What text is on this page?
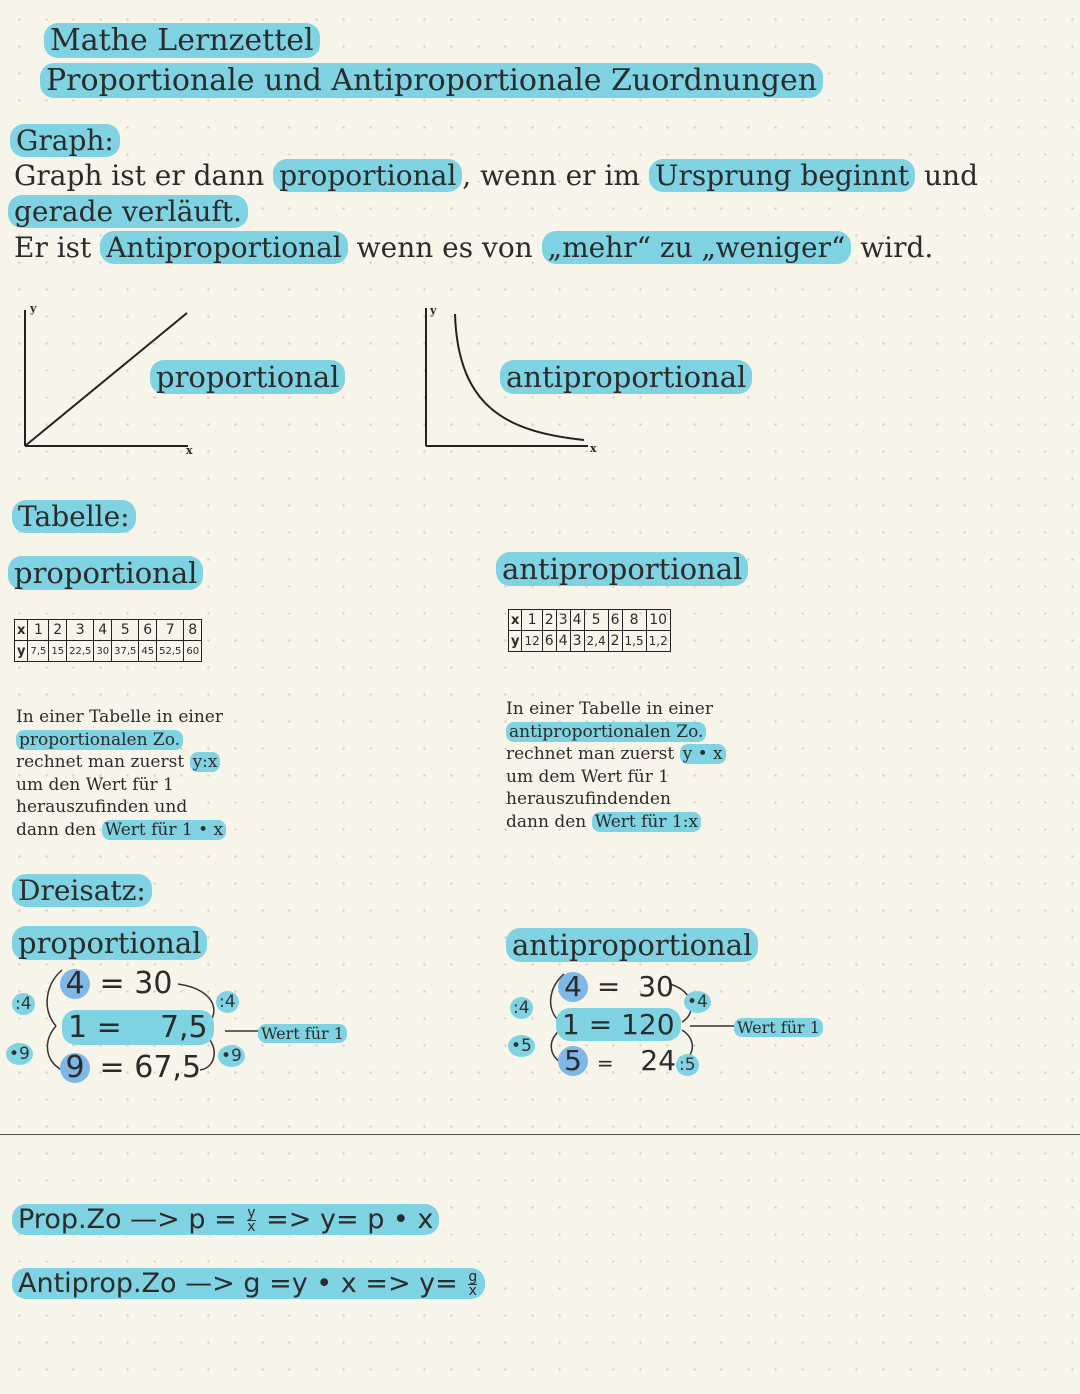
Mathe Lernzettel
Proportionale und Antiproportionale Zuordnungen
Graph:
Graph ist er dann proportional , wenn er im Ursprung beginnt und
gerade verläuft.
Er ist Antiproportional wenn es von „mehr“ zu „weniger“ wird.
y
x
proportional
y
x
antiproportional
Tabelle:
proportional
x	1	2	3	4	5	6	7	8
y	7,5	15	22,5	30	37,5	45	52,5	60
In einer Tabelle in einer
proportionalen Zo.
rechnet man zuerst y:x
um den Wert für 1
herauszufinden und
dann den Wert für 1 • x
antiproportional
x	1	2	3	4	5	6	8	10
y	12	6	4	3	2,4	2	1,5	1,2
In einer Tabelle in einer
antiproportionalen Zo.
rechnet man zuerst y • x
um dem Wert für 1
herauszufindenden
dann den Wert für 1:x
Dreisatz:
proportional
4 = 30
1 = 7,5
9 = 67,5
:4
•9
:4
•9
Wert für 1
antiproportional
4 = 30
1 = 120
5 = 24 :5
:4
•5
•4
Wert für 1
Prop.Zo —> $p = \frac{y}{x} => y= p$ • x
Antiprop.Zo —> g =y • $x => y= \frac{g}{x}$
